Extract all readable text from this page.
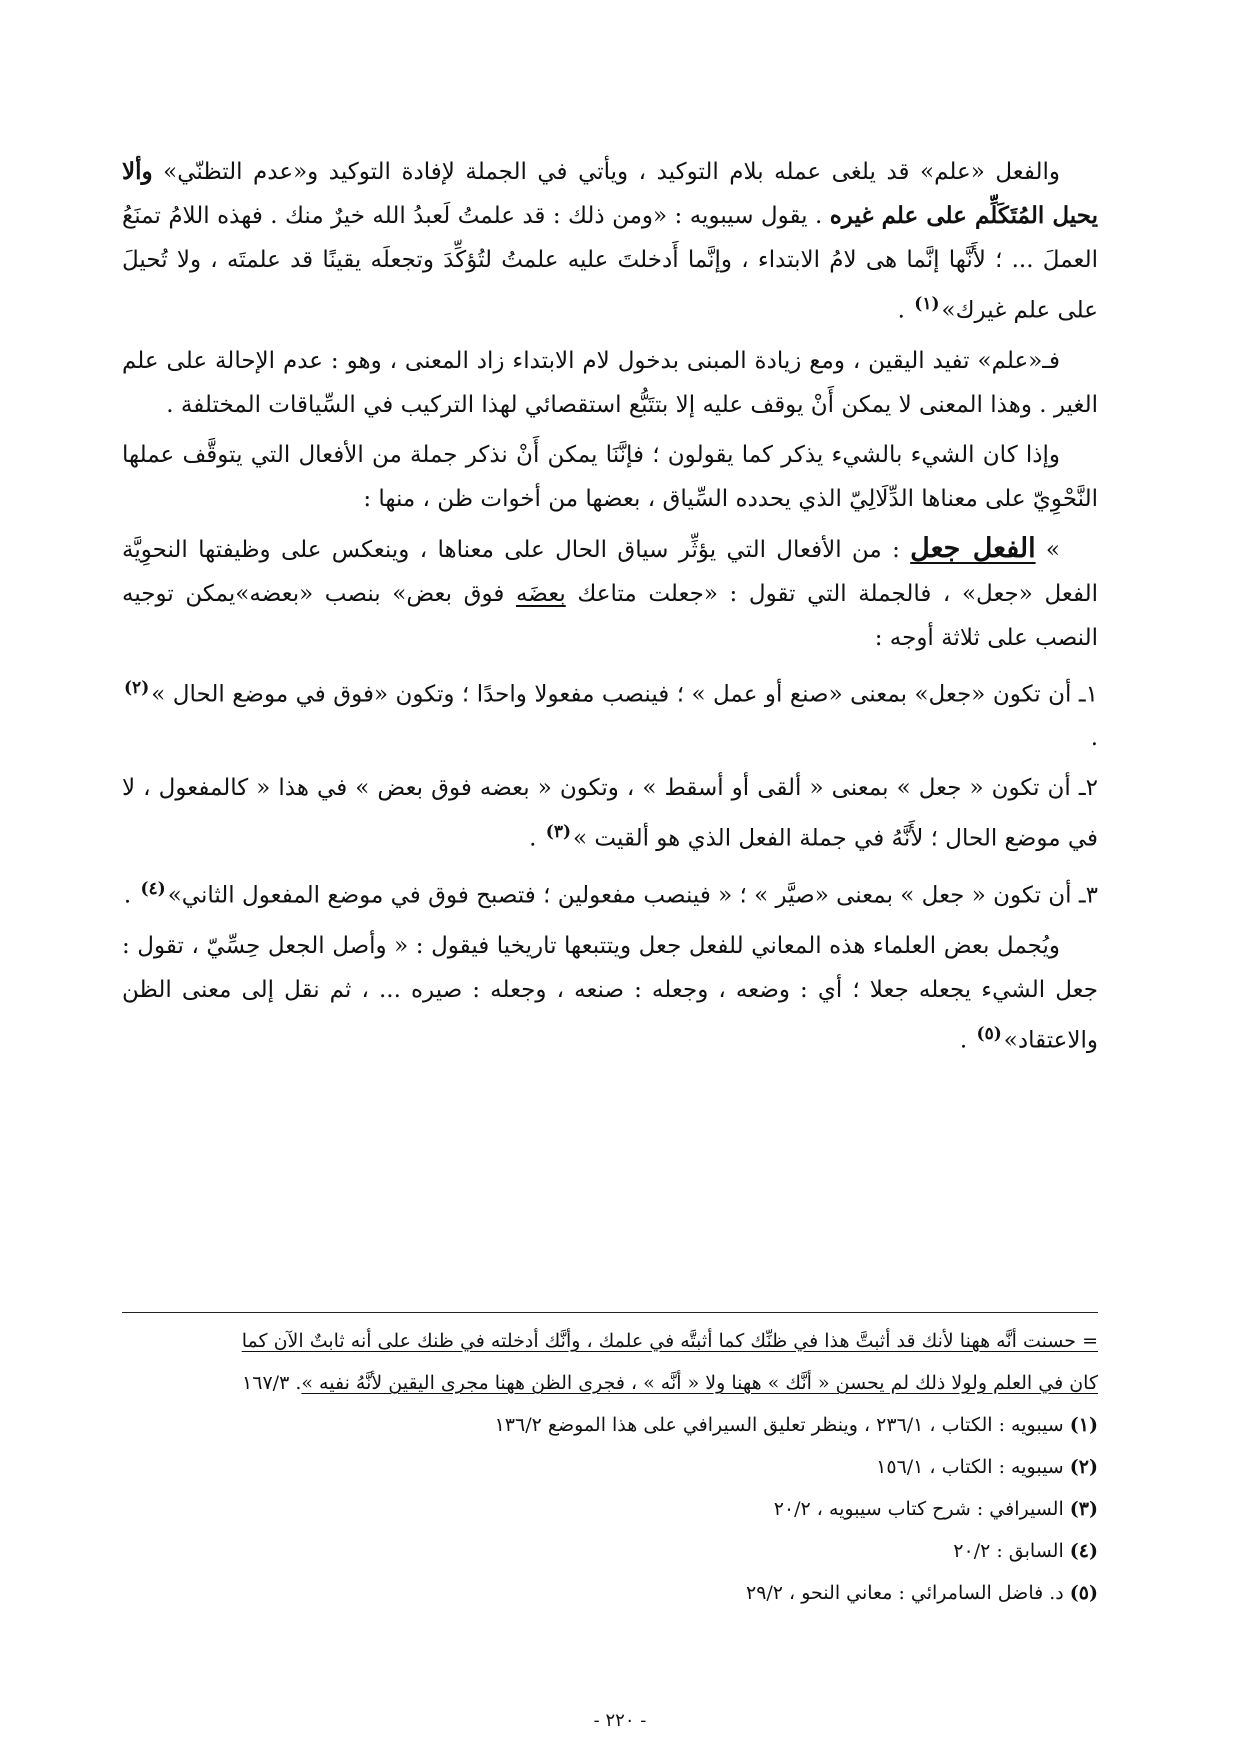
والفعل «علم» قد يلغى عمله بلام التوكيد ، ويأتي في الجملة لإفادة التوكيد و«عدم التظنّي» وألا يحيل المُتَكَلِّم على علم غيره . يقول سيبويه : «ومن ذلك : قد علمتُ لَعبدُ الله خيرٌ منك . فهذه اللامُ تمنَعُ العملَ ... ؛ لأَنَّها إنَّما هى لامُ الابتداء ، وإنَّما أَدخلتَ عليه علمتُ لتُؤكِّدَ وتجعلَه يقينًا قد علمتَه ، ولا تُحيلَ على علم غيرك»$^{(١)}$ .

فـ«علم» تفيد اليقين ، ومع زيادة المبنى بدخول لام الابتداء زاد المعنى ، وهو : عدم الإحالة على علم الغير . وهذا المعنى لا يمكن أَنْ يوقف عليه إلا بتتَبُّع استقصائي لهذا التركيب في السِّياقات المختلفة .

وإذا كان الشيء بالشيء يذكر كما يقولون ؛ فإنَّنَا يمكن أَنْ نذكر جملة من الأفعال التي يتوقَّف عملها النَّحْوِيّ على معناها الدِّلَالِيّ الذي يحدده السِّياق ، بعضها من أخوات ظن ، منها :

» الفعل جعل : من الأفعال التي يؤثِّر سياق الحال على معناها ، وينعكس على وظيفتها النحوِيَّة الفعل «جعل» ، فالجملة التي تقول : «جعلت متاعك بعضَه فوق بعض» بنصب «بعضه»يمكن توجيه النصب على ثلاثة أوجه :

١ـ أن تكون «جعل» بمعنى «صنع أو عمل » ؛ فينصب مفعولا واحدًا ؛ وتكون «فوق في موضع الحال »$^{(٢)}$ .
٢ـ أن تكون « جعل » بمعنى « ألقى أو أسقط » ، وتكون « بعضه فوق بعض » في هذا « كالمفعول ، لا في موضع الحال ؛ لأَنَّهُ في جملة الفعل الذي هو ألقيت »$^{(٣)}$ .
٣ـ أن تكون « جعل » بمعنى «صيَّر » ؛ « فينصب مفعولين ؛ فتصبح فوق في موضع المفعول الثاني»$^{(٤)}$ .

ويُجمل بعض العلماء هذه المعاني للفعل جعل ويتتبعها تاريخيا فيقول : « وأصل الجعل حِسِّيّ ، تقول : جعل الشيء يجعله جعلا ؛ أي : وضعه ، وجعله : صنعه ، وجعله : صيره ... ، ثم نقل إلى معنى الظن والاعتقاد»$^{(٥)}$ .

= حسنت أنَّه ههنا لأنك قد أثبتَّ هذا في ظنِّك كما أثبتَّه في علمك ، وأنَّك أدخلته في ظنك على أنه ثابتٌ الآن كما
كان في العلم ولولا ذلك لم يحسن « أنَّك » ههنا ولا « أنَّه » ، فجرى الظن ههنا مجرى اليقين لأنَّهُ نفيه ». ١٦٧/٣
(١) سيبويه : الكتاب ، ٢٣٦/١ ، وينظر تعليق السيرافي على هذا الموضع ١٣٦/٢
(٢) سيبويه : الكتاب ، ١٥٦/١
(٣) السيرافي : شرح كتاب سيبويه ، ٢٠/٢
(٤) السابق : ٢٠/٢
(٥) د. فاضل السامرائي : معاني النحو ، ٢٩/٢
- ٢٢٠ -
